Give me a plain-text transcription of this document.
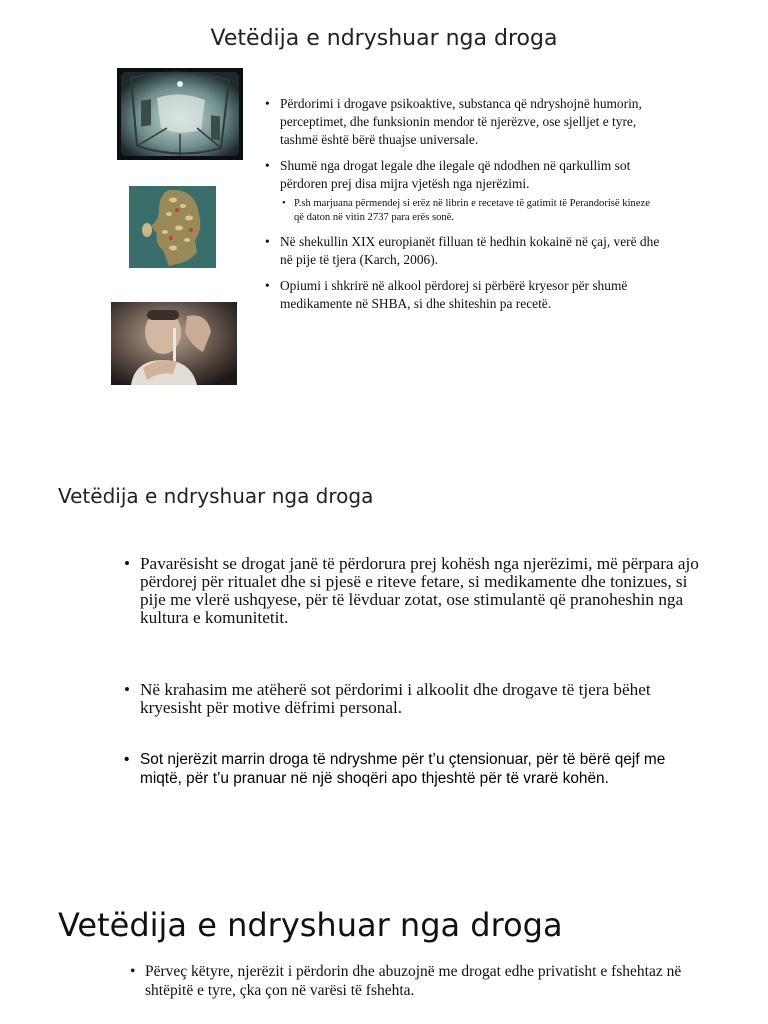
Vetëdija e ndryshuar nga droga
• Përdorimi i drogave psikoaktive, substanca që ndryshojnë humorin, perceptimet, dhe funksionin mendor të njerëzve, ose sjelljet e tyre, tashmë është bërë thuajse universale.
• Shumë nga drogat legale dhe ilegale që ndodhen në qarkullim sot përdoren prej disa mijra vjetësh nga njerëzimi.
• P.sh marjuana përmendej si erëz në librin e recetave të gatimit të Perandorisë kineze që daton në vitin 2737 para erës sonë.
• Në shekullin XIX europianët filluan të hedhin kokainë në çaj, verë dhe në pije të tjera (Karch, 2006).
• Opiumi i shkrirë në alkool përdorej si përbërë kryesor për shumë medikamente në SHBA, si dhe shiteshin pa recetë.
Vetëdija e ndryshuar nga droga
• Pavarësisht se drogat janë të përdorura prej kohësh nga njerëzimi, më përpara ajo përdorej për ritualet dhe si pjesë e riteve fetare, si medikamente dhe tonizues, si pije me vlerë ushqyese, për të lëvduar zotat, ose stimulantë që pranoheshin nga kultura e komunitetit.
• Në krahasim me atëherë sot përdorimi i alkoolit dhe drogave të tjera bëhet kryesisht për motive dëfrimi personal.
• Sot njerëzit marrin droga të ndryshme për t’u çtensionuar, për të bërë qejf me miqtë, për t’u pranuar në një shoqëri apo thjeshtë për të vrarë kohën.
Vetëdija e ndryshuar nga droga
• Përveç këtyre, njerëzit i përdorin dhe abuzojnë me drogat edhe privatisht e fshehtaz në shtëpitë e tyre, çka çon në varësi të fshehta.
